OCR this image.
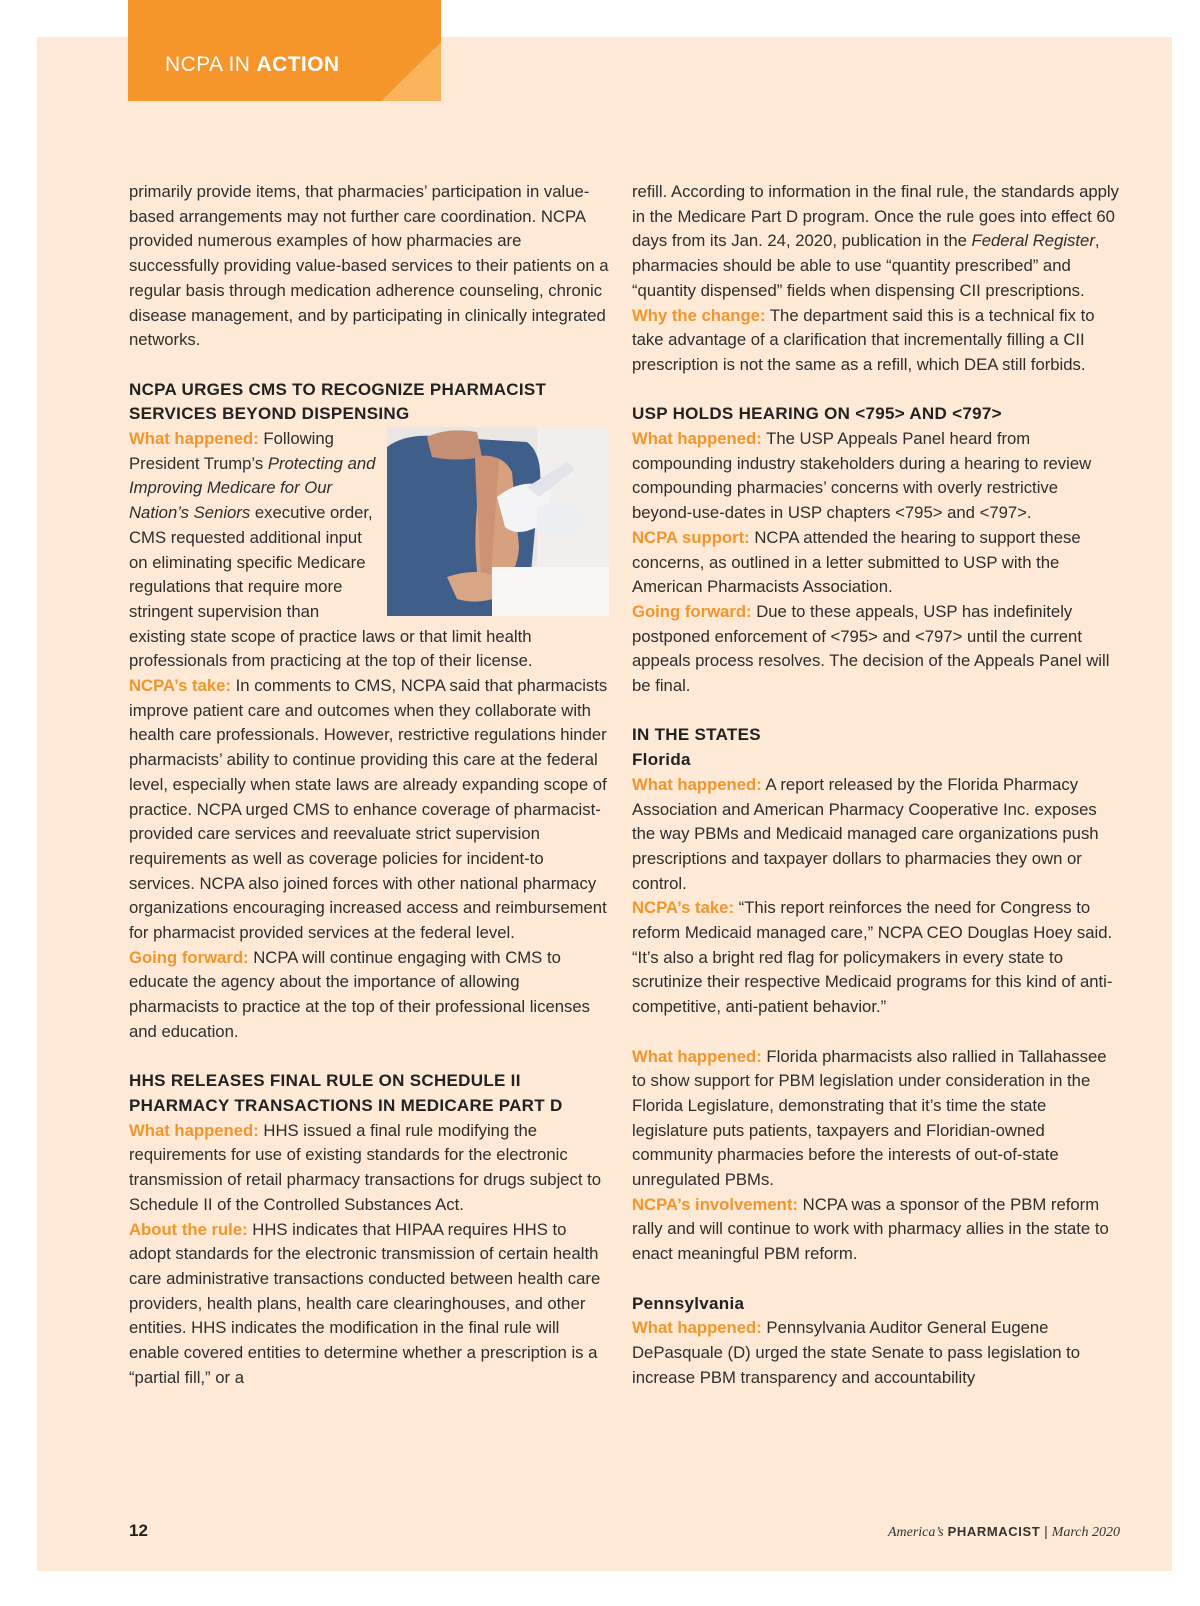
NCPA IN ACTION

primarily provide items, that pharmacies’ participation in value-based arrangements may not further care coordination. NCPA provided numerous examples of how pharmacies are successfully providing value-based services to their patients on a regular basis through medication adherence counseling, chronic disease management, and by participating in clinically integrated networks.

NCPA URGES CMS TO RECOGNIZE PHARMACIST SERVICES BEYOND DISPENSING

What happened: Following President Trump’s Protecting and Improving Medicare for Our Nation’s Seniors executive order, CMS requested additional input on eliminating specific Medicare regulations that require more stringent supervision than existing state scope of practice laws or that limit health professionals from practicing at the top of their license.

NCPA’s take: In comments to CMS, NCPA said that pharmacists improve patient care and outcomes when they collaborate with health care professionals. However, restrictive regulations hinder pharmacists’ ability to continue providing this care at the federal level, especially when state laws are already expanding scope of practice. NCPA urged CMS to enhance coverage of pharmacist-provided care services and reevaluate strict supervision requirements as well as coverage policies for incident-to services. NCPA also joined forces with other national pharmacy organizations encouraging increased access and reimbursement for pharmacist provided services at the federal level.

Going forward: NCPA will continue engaging with CMS to educate the agency about the importance of allowing pharmacists to practice at the top of their professional licenses and education.

HHS RELEASES FINAL RULE ON SCHEDULE II PHARMACY TRANSACTIONS IN MEDICARE PART D

What happened: HHS issued a final rule modifying the requirements for use of existing standards for the electronic transmission of retail pharmacy transactions for drugs subject to Schedule II of the Controlled Substances Act.

About the rule: HHS indicates that HIPAA requires HHS to adopt standards for the electronic transmission of certain health care administrative transactions conducted between health care providers, health plans, health care clearinghouses, and other entities. HHS indicates the modification in the final rule will enable covered entities to determine whether a prescription is a “partial fill,” or a

refill. According to information in the final rule, the standards apply in the Medicare Part D program. Once the rule goes into effect 60 days from its Jan. 24, 2020, publication in the Federal Register, pharmacies should be able to use “quantity prescribed” and “quantity dispensed” fields when dispensing CII prescriptions.

Why the change: The department said this is a technical fix to take advantage of a clarification that incrementally filling a CII prescription is not the same as a refill, which DEA still forbids.

USP HOLDS HEARING ON <795> AND <797>

What happened: The USP Appeals Panel heard from compounding industry stakeholders during a hearing to review compounding pharmacies’ concerns with overly restrictive beyond-use-dates in USP chapters <795> and <797>.

NCPA support: NCPA attended the hearing to support these concerns, as outlined in a letter submitted to USP with the American Pharmacists Association.

Going forward: Due to these appeals, USP has indefinitely postponed enforcement of <795> and <797> until the current appeals process resolves. The decision of the Appeals Panel will be final.

IN THE STATES

Florida

What happened: A report released by the Florida Pharmacy Association and American Pharmacy Cooperative Inc. exposes the way PBMs and Medicaid managed care organizations push prescriptions and taxpayer dollars to pharmacies they own or control.

NCPA’s take: “This report reinforces the need for Congress to reform Medicaid managed care,” NCPA CEO Douglas Hoey said. “It’s also a bright red flag for policymakers in every state to scrutinize their respective Medicaid programs for this kind of anti-competitive, anti-patient behavior.”

What happened: Florida pharmacists also rallied in Tallahassee to show support for PBM legislation under consideration in the Florida Legislature, demonstrating that it’s time the state legislature puts patients, taxpayers and Floridian-owned community pharmacies before the interests of out-of-state unregulated PBMs.

NCPA’s involvement: NCPA was a sponsor of the PBM reform rally and will continue to work with pharmacy allies in the state to enact meaningful PBM reform.

Pennsylvania

What happened: Pennsylvania Auditor General Eugene DePasquale (D) urged the state Senate to pass legislation to increase PBM transparency and accountability

12	America’s PHARMACIST | March 2020
